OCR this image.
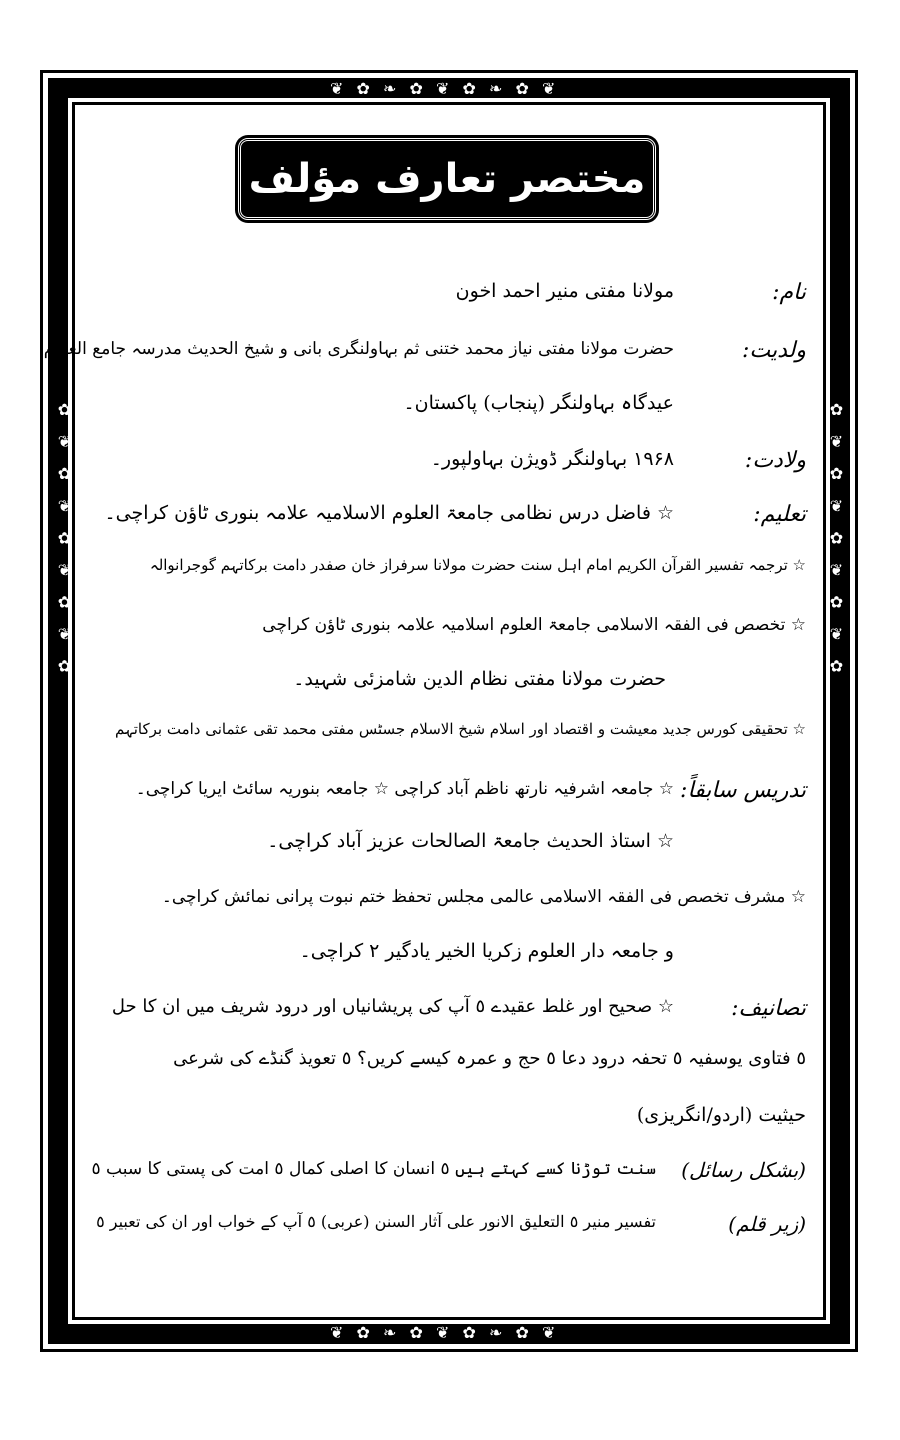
❦ ✿ ❧ ✿ ❦ ✿ ❧ ✿ ❦
❦ ✿ ❧ ✿ ❦ ✿ ❧ ✿ ❦
✿ ❦ ✿ ❦ ✿ ❦ ✿ ❦ ✿	✿ ❦ ✿ ❦ ✿ ❦ ✿ ❦ ✿
مختصر تعارف مؤلف
نام:
مولانا مفتی منیر احمد اخون
ولدیت:
حضرت مولانا مفتی نیاز محمد ختنی ثم بہاولنگری بانی و شیخ الحدیث مدرسہ جامع العلوم
عیدگاہ بہاولنگر (پنجاب) پاکستان۔
ولادت:
۱۹۶۸ بہاولنگر ڈویژن بہاولپور۔
تعلیم:
☆ فاضل درس نظامی جامعۃ العلوم الاسلامیہ علامہ بنوری ٹاؤن کراچی۔
☆ ترجمہ تفسیر القرآن الکریم امام اہل سنت حضرت مولانا سرفراز خان صفدر دامت برکاتہم گوجرانوالہ
☆ تخصص فی الفقہ الاسلامی جامعۃ العلوم اسلامیہ علامہ بنوری ٹاؤن کراچی
حضرت مولانا مفتی نظام الدین شامزئی شہید۔
☆ تحقیقی کورس جدید معیشت و اقتصاد اور اسلام شیخ الاسلام جسٹس مفتی محمد تقی عثمانی دامت برکاتہم
تدریس سابقاً:
☆ جامعہ اشرفیہ نارتھ ناظم آباد کراچی ☆ جامعہ بنوریہ سائٹ ایریا کراچی۔
☆ استاذ الحدیث جامعۃ الصالحات عزیز آباد کراچی۔
☆ مشرف تخصص فی الفقہ الاسلامی عالمی مجلس تحفظ ختم نبوت پرانی نمائش کراچی۔
و جامعہ دار العلوم زکریا الخیر یادگیر ۲ کراچی۔
تصانیف:
☆ صحیح اور غلط عقیدے ٥ آپ کی پریشانیاں اور درود شریف میں ان کا حل
٥ فتاوی یوسفیہ ٥ تحفہ درود دعا ٥ حج و عمرہ کیسے کریں؟ ٥ تعویذ گنڈے کی شرعی
حیثیت (اردو/انگریزی)
(بشکل رسائل)
سنت توڑنا کسے کہتے ہیں ٥ انسان کا اصلی کمال ٥ امت کی پستی کا سبب ٥
(زیر قلم)
تفسیر منیر ٥ التعلیق الانور علی آثار السنن (عربی) ٥ آپ کے خواب اور ان کی تعبیر ٥
